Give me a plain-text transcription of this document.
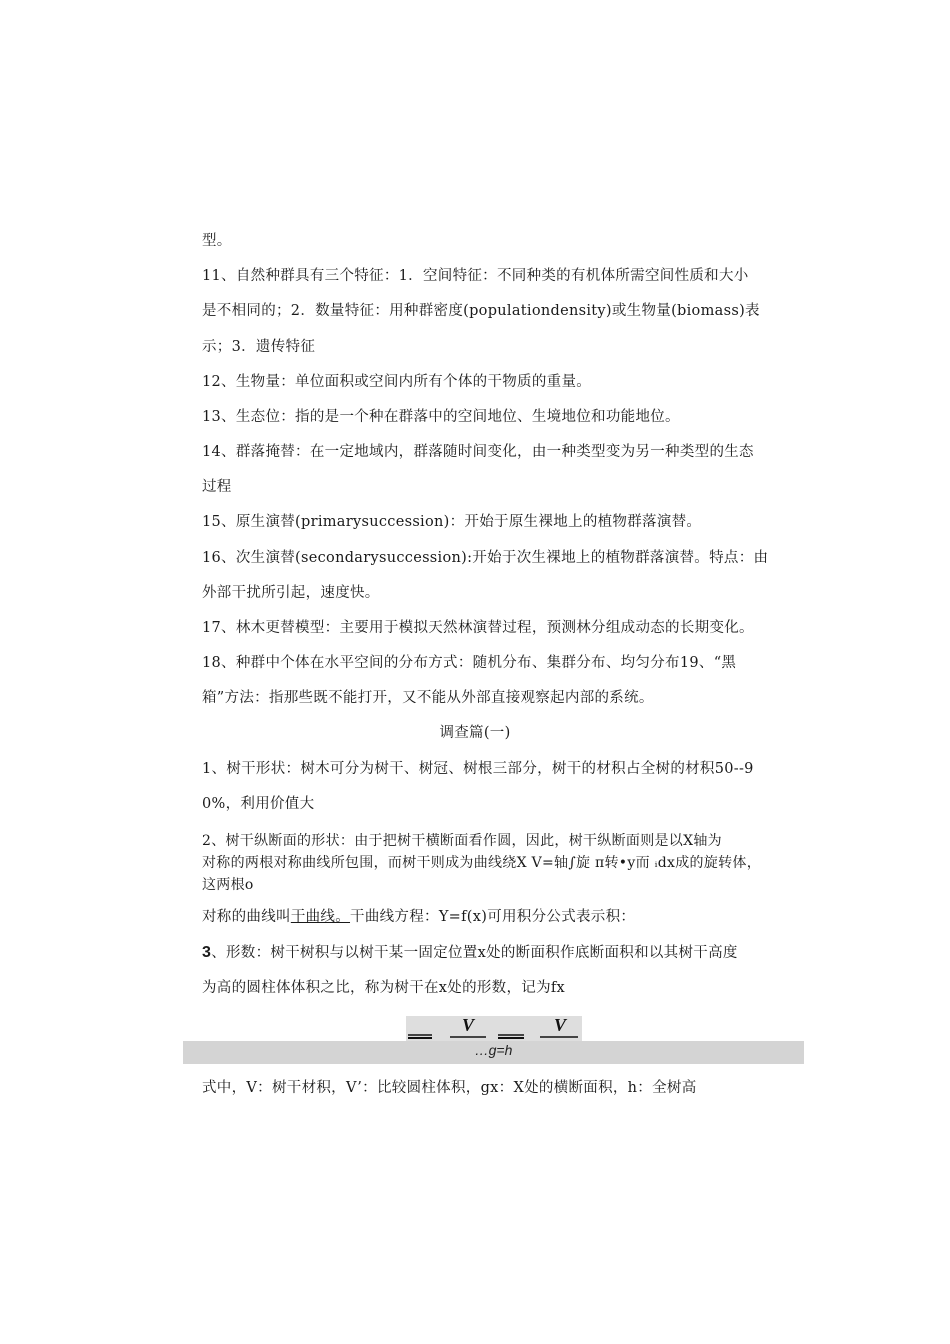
型。
11、自然种群具有三个特征：1．空间特征：不同种类的有机体所需空间性质和大小
是不相同的；2．数量特征：用种群密度(populationdensity)或生物量(biomass)表
示；3．遗传特征
12、生物量：单位面积或空间内所有个体的干物质的重量。
13、生态位：指的是一个种在群落中的空间地位、生境地位和功能地位。
14、群落掩替：在一定地域内，群落随时间变化，由一种类型变为另一种类型的生态
过程
15、原生演替(primarysuccession)：开始于原生裸地上的植物群落演替。
16、次生演替(secondarysuccession):开始于次生裸地上的植物群落演替。特点：由
外部干扰所引起，速度快。
17、林木更替模型：主要用于模拟天然林演替过程，预测林分组成动态的长期变化。
18、种群中个体在水平空间的分布方式：随机分布、集群分布、均匀分布19、“黑
箱”方法：指那些既不能打开，又不能从外部直接观察起内部的系统。
调查篇(一)
1、树干形状：树木可分为树干、树冠、树根三部分，树干的材积占全树的材积50--9
0%，利用价值大
2、树干纵断面的形状：由于把树干横断面看作圆，因此，树干纵断面则是以X轴为
对称的两根对称曲线所包围，而树干则成为曲线绕X V=轴∫旋 π转•y而 ᵢdx成的旋转体，
这两根o
对称的曲线叫干曲线。干曲线方程：Y=f(x)可用积分公式表示积：
3、形数：树干树积与以树干某一固定位置x处的断面积作底断面积和以其树干高度
为高的圆柱体体积之比，称为树干在x处的形数，记为fx
V	V
…g=h
式中，V：树干材积，V’：比较圆柱体积，gx：X处的横断面积，h：全树高
